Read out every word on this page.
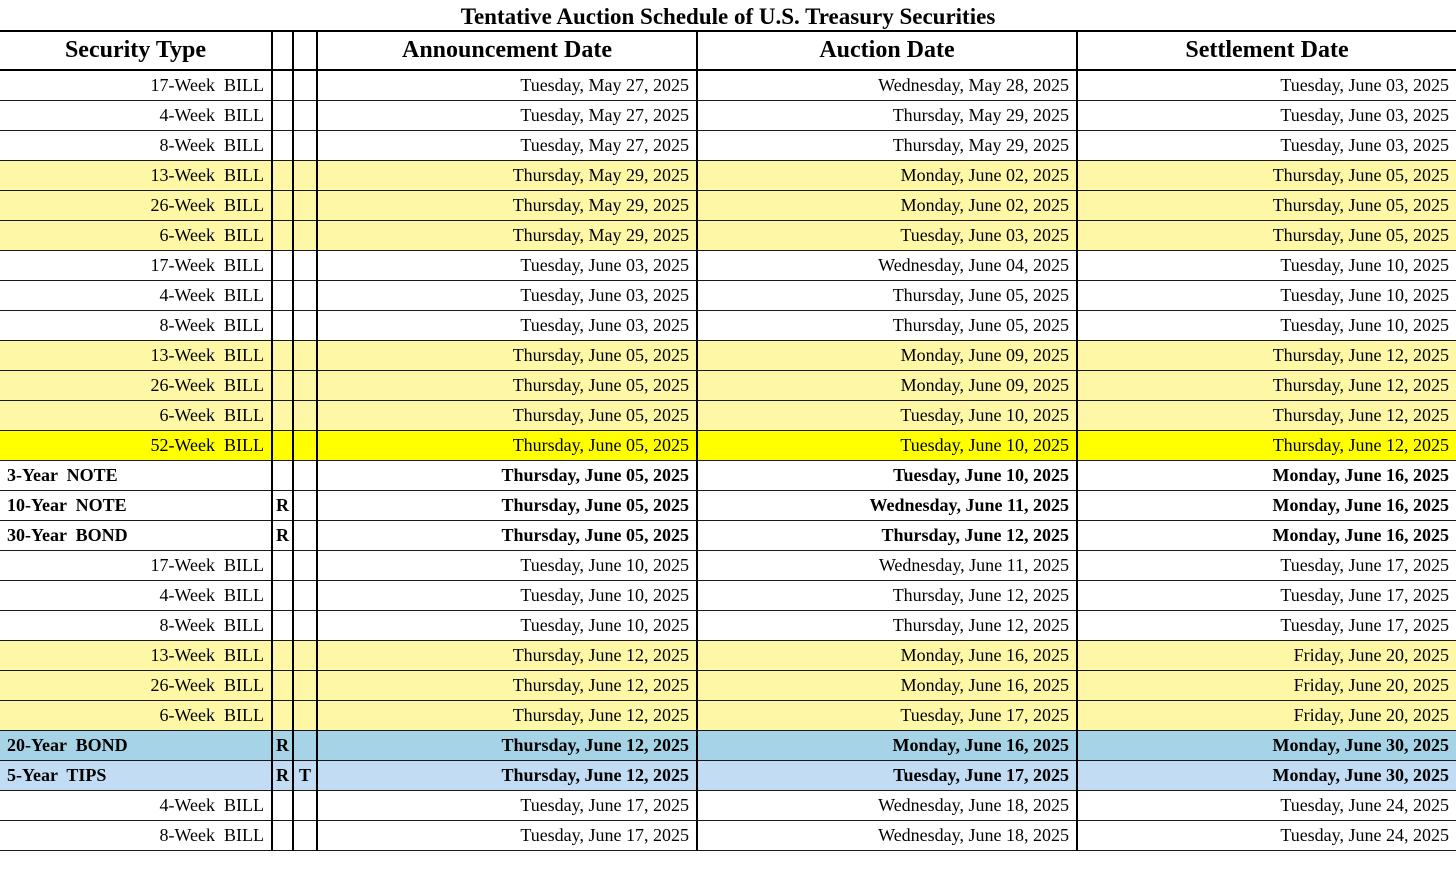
Tentative Auction Schedule of U.S. Treasury Securities
Security Type			Announcement Date	Auction Date	Settlement Date
17-Week  BILL			Tuesday, May 27, 2025	Wednesday, May 28, 2025	Tuesday, June 03, 2025
4-Week  BILL			Tuesday, May 27, 2025	Thursday, May 29, 2025	Tuesday, June 03, 2025
8-Week  BILL			Tuesday, May 27, 2025	Thursday, May 29, 2025	Tuesday, June 03, 2025
13-Week  BILL			Thursday, May 29, 2025	Monday, June 02, 2025	Thursday, June 05, 2025
26-Week  BILL			Thursday, May 29, 2025	Monday, June 02, 2025	Thursday, June 05, 2025
6-Week  BILL			Thursday, May 29, 2025	Tuesday, June 03, 2025	Thursday, June 05, 2025
17-Week  BILL			Tuesday, June 03, 2025	Wednesday, June 04, 2025	Tuesday, June 10, 2025
4-Week  BILL			Tuesday, June 03, 2025	Thursday, June 05, 2025	Tuesday, June 10, 2025
8-Week  BILL			Tuesday, June 03, 2025	Thursday, June 05, 2025	Tuesday, June 10, 2025
13-Week  BILL			Thursday, June 05, 2025	Monday, June 09, 2025	Thursday, June 12, 2025
26-Week  BILL			Thursday, June 05, 2025	Monday, June 09, 2025	Thursday, June 12, 2025
6-Week  BILL			Thursday, June 05, 2025	Tuesday, June 10, 2025	Thursday, June 12, 2025
52-Week  BILL			Thursday, June 05, 2025	Tuesday, June 10, 2025	Thursday, June 12, 2025
3-Year  NOTE			Thursday, June 05, 2025	Tuesday, June 10, 2025	Monday, June 16, 2025
10-Year  NOTE	R		Thursday, June 05, 2025	Wednesday, June 11, 2025	Monday, June 16, 2025
30-Year  BOND	R		Thursday, June 05, 2025	Thursday, June 12, 2025	Monday, June 16, 2025
17-Week  BILL			Tuesday, June 10, 2025	Wednesday, June 11, 2025	Tuesday, June 17, 2025
4-Week  BILL			Tuesday, June 10, 2025	Thursday, June 12, 2025	Tuesday, June 17, 2025
8-Week  BILL			Tuesday, June 10, 2025	Thursday, June 12, 2025	Tuesday, June 17, 2025
13-Week  BILL			Thursday, June 12, 2025	Monday, June 16, 2025	Friday, June 20, 2025
26-Week  BILL			Thursday, June 12, 2025	Monday, June 16, 2025	Friday, June 20, 2025
6-Week  BILL			Thursday, June 12, 2025	Tuesday, June 17, 2025	Friday, June 20, 2025
20-Year  BOND	R		Thursday, June 12, 2025	Monday, June 16, 2025	Monday, June 30, 2025
5-Year  TIPS	R	T	Thursday, June 12, 2025	Tuesday, June 17, 2025	Monday, June 30, 2025
4-Week  BILL			Tuesday, June 17, 2025	Wednesday, June 18, 2025	Tuesday, June 24, 2025
8-Week  BILL			Tuesday, June 17, 2025	Wednesday, June 18, 2025	Tuesday, June 24, 2025
